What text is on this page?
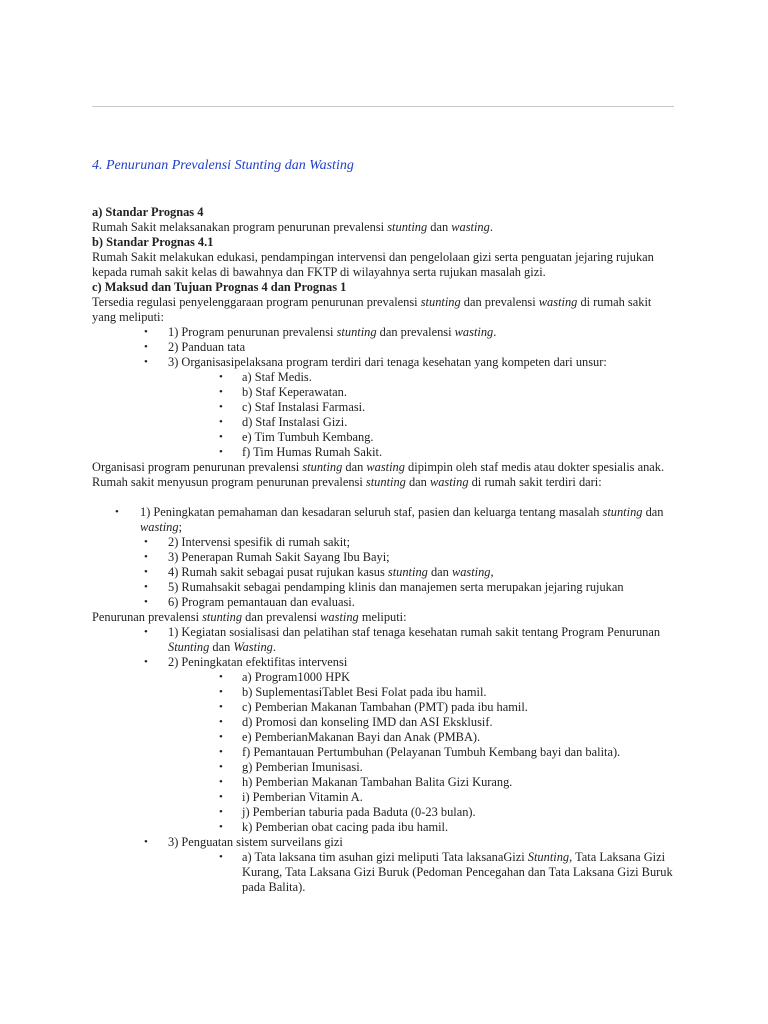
4. Penurunan Prevalensi Stunting dan Wasting
a) Standar Prognas 4
Rumah Sakit melaksanakan program penurunan prevalensi stunting dan wasting.
b) Standar Prognas 4.1
Rumah Sakit melakukan edukasi, pendampingan intervensi dan pengelolaan gizi serta penguatan jejaring rujukan kepada rumah sakit kelas di bawahnya dan FKTP di wilayahnya serta rujukan masalah gizi.
c) Maksud dan Tujuan Prognas 4 dan Prognas 1
Tersedia regulasi penyelenggaraan program penurunan prevalensi stunting dan prevalensi wasting di rumah sakit yang meliputi:
• 1) Program penurunan prevalensi stunting dan prevalensi wasting.
• 2) Panduan tata
• 3) Organisasipelaksana program terdiri dari tenaga kesehatan yang kompeten dari unsur:
• a) Staf Medis.
• b) Staf Keperawatan.
• c) Staf Instalasi Farmasi.
• d) Staf Instalasi Gizi.
• e) Tim Tumbuh Kembang.
• f) Tim Humas Rumah Sakit.
Organisasi program penurunan prevalensi stunting dan wasting dipimpin oleh staf medis atau dokter spesialis anak. Rumah sakit menyusun program penurunan prevalensi stunting dan wasting di rumah sakit terdiri dari:
• 1) Peningkatan pemahaman dan kesadaran seluruh staf, pasien dan keluarga tentang masalah stunting dan wasting;
• 2) Intervensi spesifik di rumah sakit;
• 3) Penerapan Rumah Sakit Sayang Ibu Bayi;
• 4) Rumah sakit sebagai pusat rujukan kasus stunting dan wasting,
• 5) Rumahsakit sebagai pendamping klinis dan manajemen serta merupakan jejaring rujukan
• 6) Program pemantauan dan evaluasi.
Penurunan prevalensi stunting dan prevalensi wasting meliputi:
• 1) Kegiatan sosialisasi dan pelatihan staf tenaga kesehatan rumah sakit tentang Program Penurunan Stunting dan Wasting.
• 2) Peningkatan efektifitas intervensi
• a) Program1000 HPK
• b) SuplementasiTablet Besi Folat pada ibu hamil.
• c) Pemberian Makanan Tambahan (PMT) pada ibu hamil.
• d) Promosi dan konseling IMD dan ASI Eksklusif.
• e) PemberianMakanan Bayi dan Anak (PMBA).
• f) Pemantauan Pertumbuhan (Pelayanan Tumbuh Kembang bayi dan balita).
• g) Pemberian Imunisasi.
• h) Pemberian Makanan Tambahan Balita Gizi Kurang.
• i) Pemberian Vitamin A.
• j) Pemberian taburia pada Baduta (0-23 bulan).
• k) Pemberian obat cacing pada ibu hamil.
• 3) Penguatan sistem surveilans gizi
• a) Tata laksana tim asuhan gizi meliputi Tata laksanaGizi Stunting, Tata Laksana Gizi Kurang, Tata Laksana Gizi Buruk (Pedoman Pencegahan dan Tata Laksana Gizi Buruk pada Balita).
